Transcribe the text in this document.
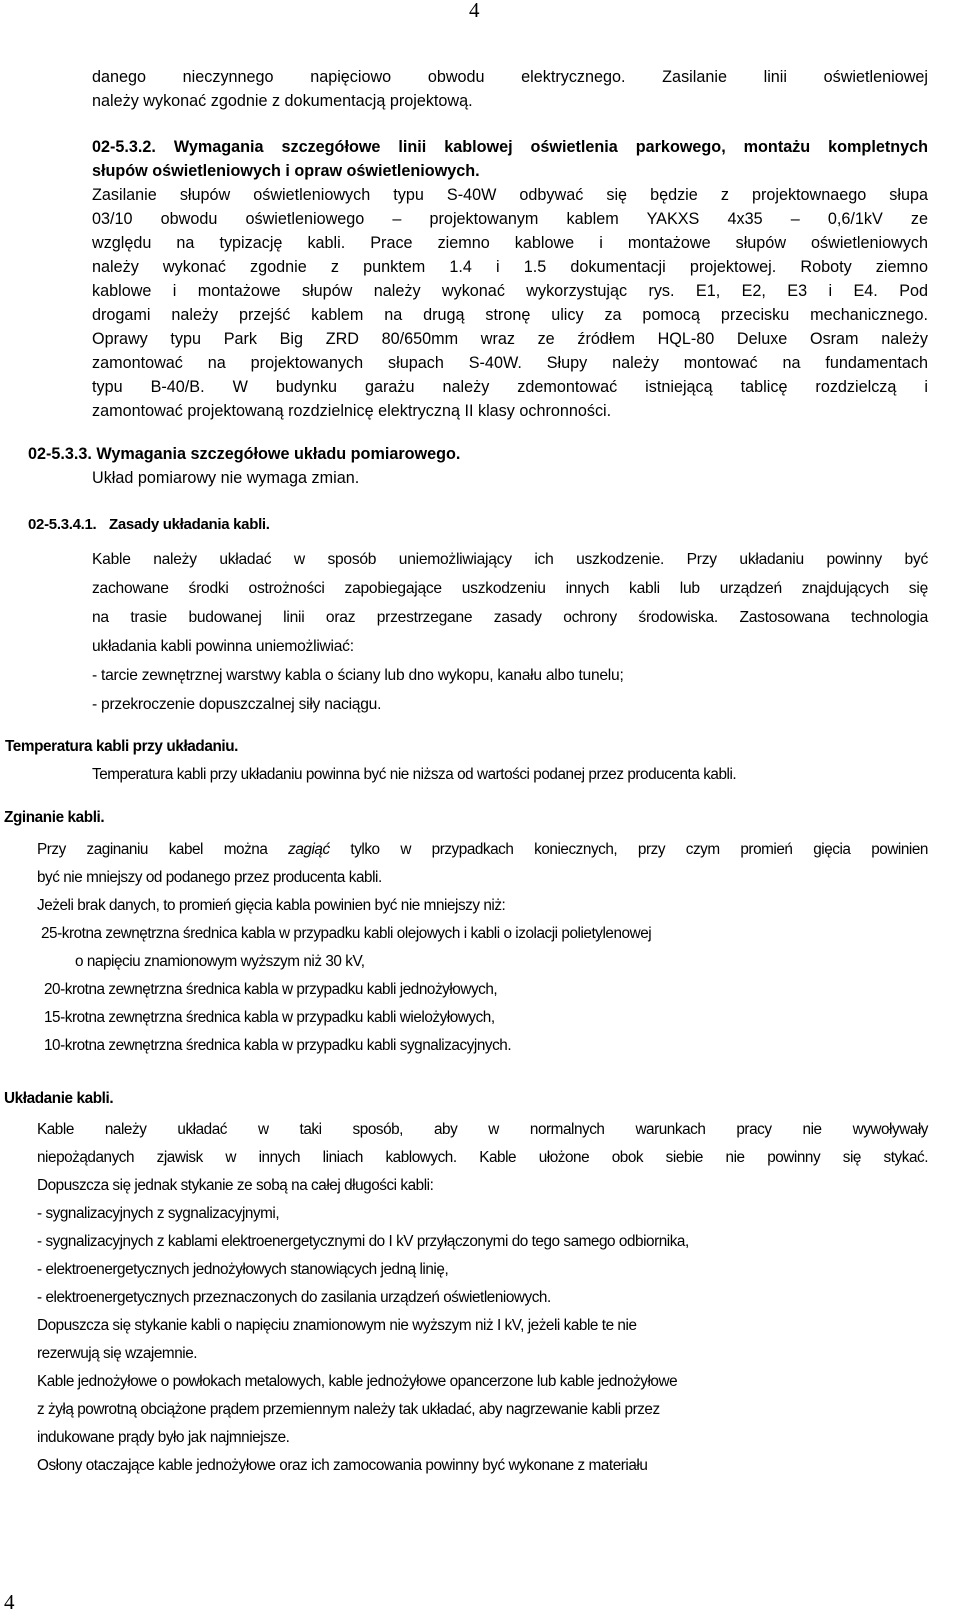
4
danego nieczynnego napięciowo obwodu elektrycznego. Zasilanie linii oświetleniowej
należy wykonać zgodnie z dokumentacją projektową.
02-5.3.2. Wymagania szczegółowe linii kablowej oświetlenia parkowego, montażu kompletnych
słupów oświetleniowych i opraw oświetleniowych.
Zasilanie słupów oświetleniowych typu S-40W odbywać się będzie z projektownaego słupa
03/10 obwodu oświetleniowego – projektowanym kablem YAKXS 4x35 – 0,6/1kV ze
względu na typizację kabli. Prace ziemno kablowe i montażowe słupów oświetleniowych
należy wykonać zgodnie z punktem 1.4 i 1.5 dokumentacji projektowej. Roboty ziemno
kablowe i montażowe słupów należy wykonać wykorzystując rys. E1, E2, E3 i E4. Pod
drogami należy przejść kablem na drugą stronę ulicy za pomocą przecisku mechanicznego.
Oprawy typu Park Big ZRD 80/650mm wraz ze źródłem HQL-80 Deluxe Osram należy
zamontować na projektowanych słupach S-40W. Słupy należy montować na fundamentach
typu B-40/B. W budynku garażu należy zdemontować istniejącą tablicę rozdzielczą i
zamontować projektowaną rozdzielnicę elektryczną II klasy ochronności.
02-5.3.3. Wymagania szczegółowe układu pomiarowego.
Układ pomiarowy nie wymaga zmian.
02-5.3.4.1. Zasady układania kabli.
Kable należy układać w sposób uniemożliwiający ich uszkodzenie. Przy układaniu powinny być
zachowane środki ostrożności zapobiegające uszkodzeniu innych kabli lub urządzeń znajdujących się
na trasie budowanej linii oraz przestrzegane zasady ochrony środowiska. Zastosowana technologia
układania kabli powinna uniemożliwiać:
- tarcie zewnętrznej warstwy kabla o ściany lub dno wykopu, kanału albo tunelu;
- przekroczenie dopuszczalnej siły naciągu.
Temperatura kabli przy układaniu.
Temperatura kabli przy układaniu powinna być nie niższa od wartości podanej przez producenta kabli.
Zginanie kabli.
Przy zaginaniu kabel można zagiąć tylko w przypadkach koniecznych, przy czym promień gięcia powinien
być nie mniejszy od podanego przez producenta kabli.
Jeżeli brak danych, to promień gięcia kabla powinien być nie mniejszy niż:
25-krotna zewnętrzna średnica kabla w przypadku kabli olejowych i kabli o izolacji polietylenowej
o napięciu znamionowym wyższym niż 30 kV,
20-krotna zewnętrzna średnica kabla w przypadku kabli jednożyłowych,
15-krotna zewnętrzna średnica kabla w przypadku kabli wielożyłowych,
10-krotna zewnętrzna średnica kabla w przypadku kabli sygnalizacyjnych.
Układanie kabli.
Kable należy układać w taki sposób, aby w normalnych warunkach pracy nie wywoływały
niepożądanych zjawisk w innych liniach kablowych. Kable ułożone obok siebie nie powinny się stykać.
Dopuszcza się jednak stykanie ze sobą na całej długości kabli:
- sygnalizacyjnych z sygnalizacyjnymi,
- sygnalizacyjnych z kablami elektroenergetycznymi do I kV przyłączonymi do tego samego odbiornika,
- elektroenergetycznych jednożyłowych stanowiących jedną linię,
- elektroenergetycznych przeznaczonych do zasilania urządzeń oświetleniowych.
Dopuszcza się stykanie kabli o napięciu znamionowym nie wyższym niż I kV, jeżeli kable te nie
rezerwują się wzajemnie.
Kable jednożyłowe o powłokach metalowych, kable jednożyłowe opancerzone lub kable jednożyłowe
z żyłą powrotną obciążone prądem przemiennym należy tak układać, aby nagrzewanie kabli przez
indukowane prądy było jak najmniejsze.
Osłony otaczające kable jednożyłowe oraz ich zamocowania powinny być wykonane z materiału
4
